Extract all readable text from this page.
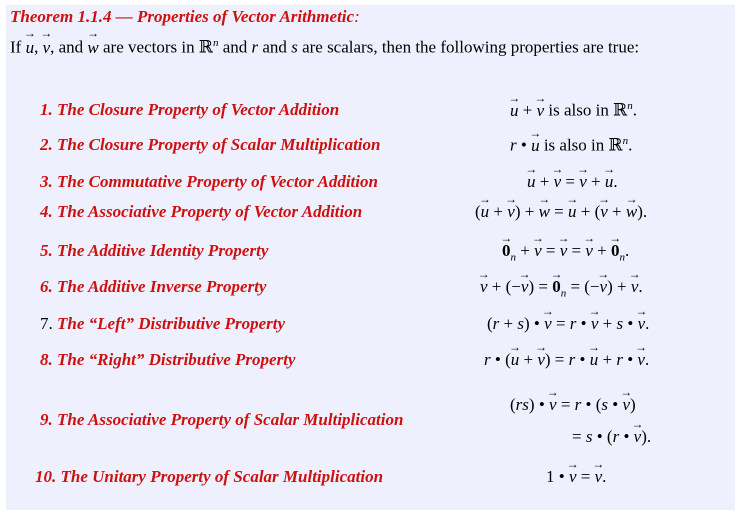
Theorem 1.1.4 — Properties of Vector Arithmetic:
If → u, → v, and → w are vectors in ℝ$^n$ and r and s are scalars, then the following properties are true:
1. The Closure Property of Vector Addition	→ u + → v is also in ℝ$^n$.
2. The Closure Property of Scalar Multiplication	r • → u is also in ℝ$^n$.
3. The Commutative Property of Vector Addition	→ u + → v = → v + → u.
4. The Associative Property of Vector Addition	(→ u + → v) + → w = → u + (→ v + → w).
5. The Additive Identity Property	→ $0_n$ + → v = → v = → v + → $0_n$.
6. The Additive Inverse Property	→ v + (−→ v) = → $0_n$ = (−→ v) + → v.
7. The “Left” Distributive Property	(r + s) • → v = r • → v + s • → v.
8. The “Right” Distributive Property	r • (→ u + → v) = r • → u + r • → v.
9. The Associative Property of Scalar Multiplication
(rs) • → v = r • (s • → v)
= s • (r • → v).
10. The Unitary Property of Scalar Multiplication	1 • → v = → v.
